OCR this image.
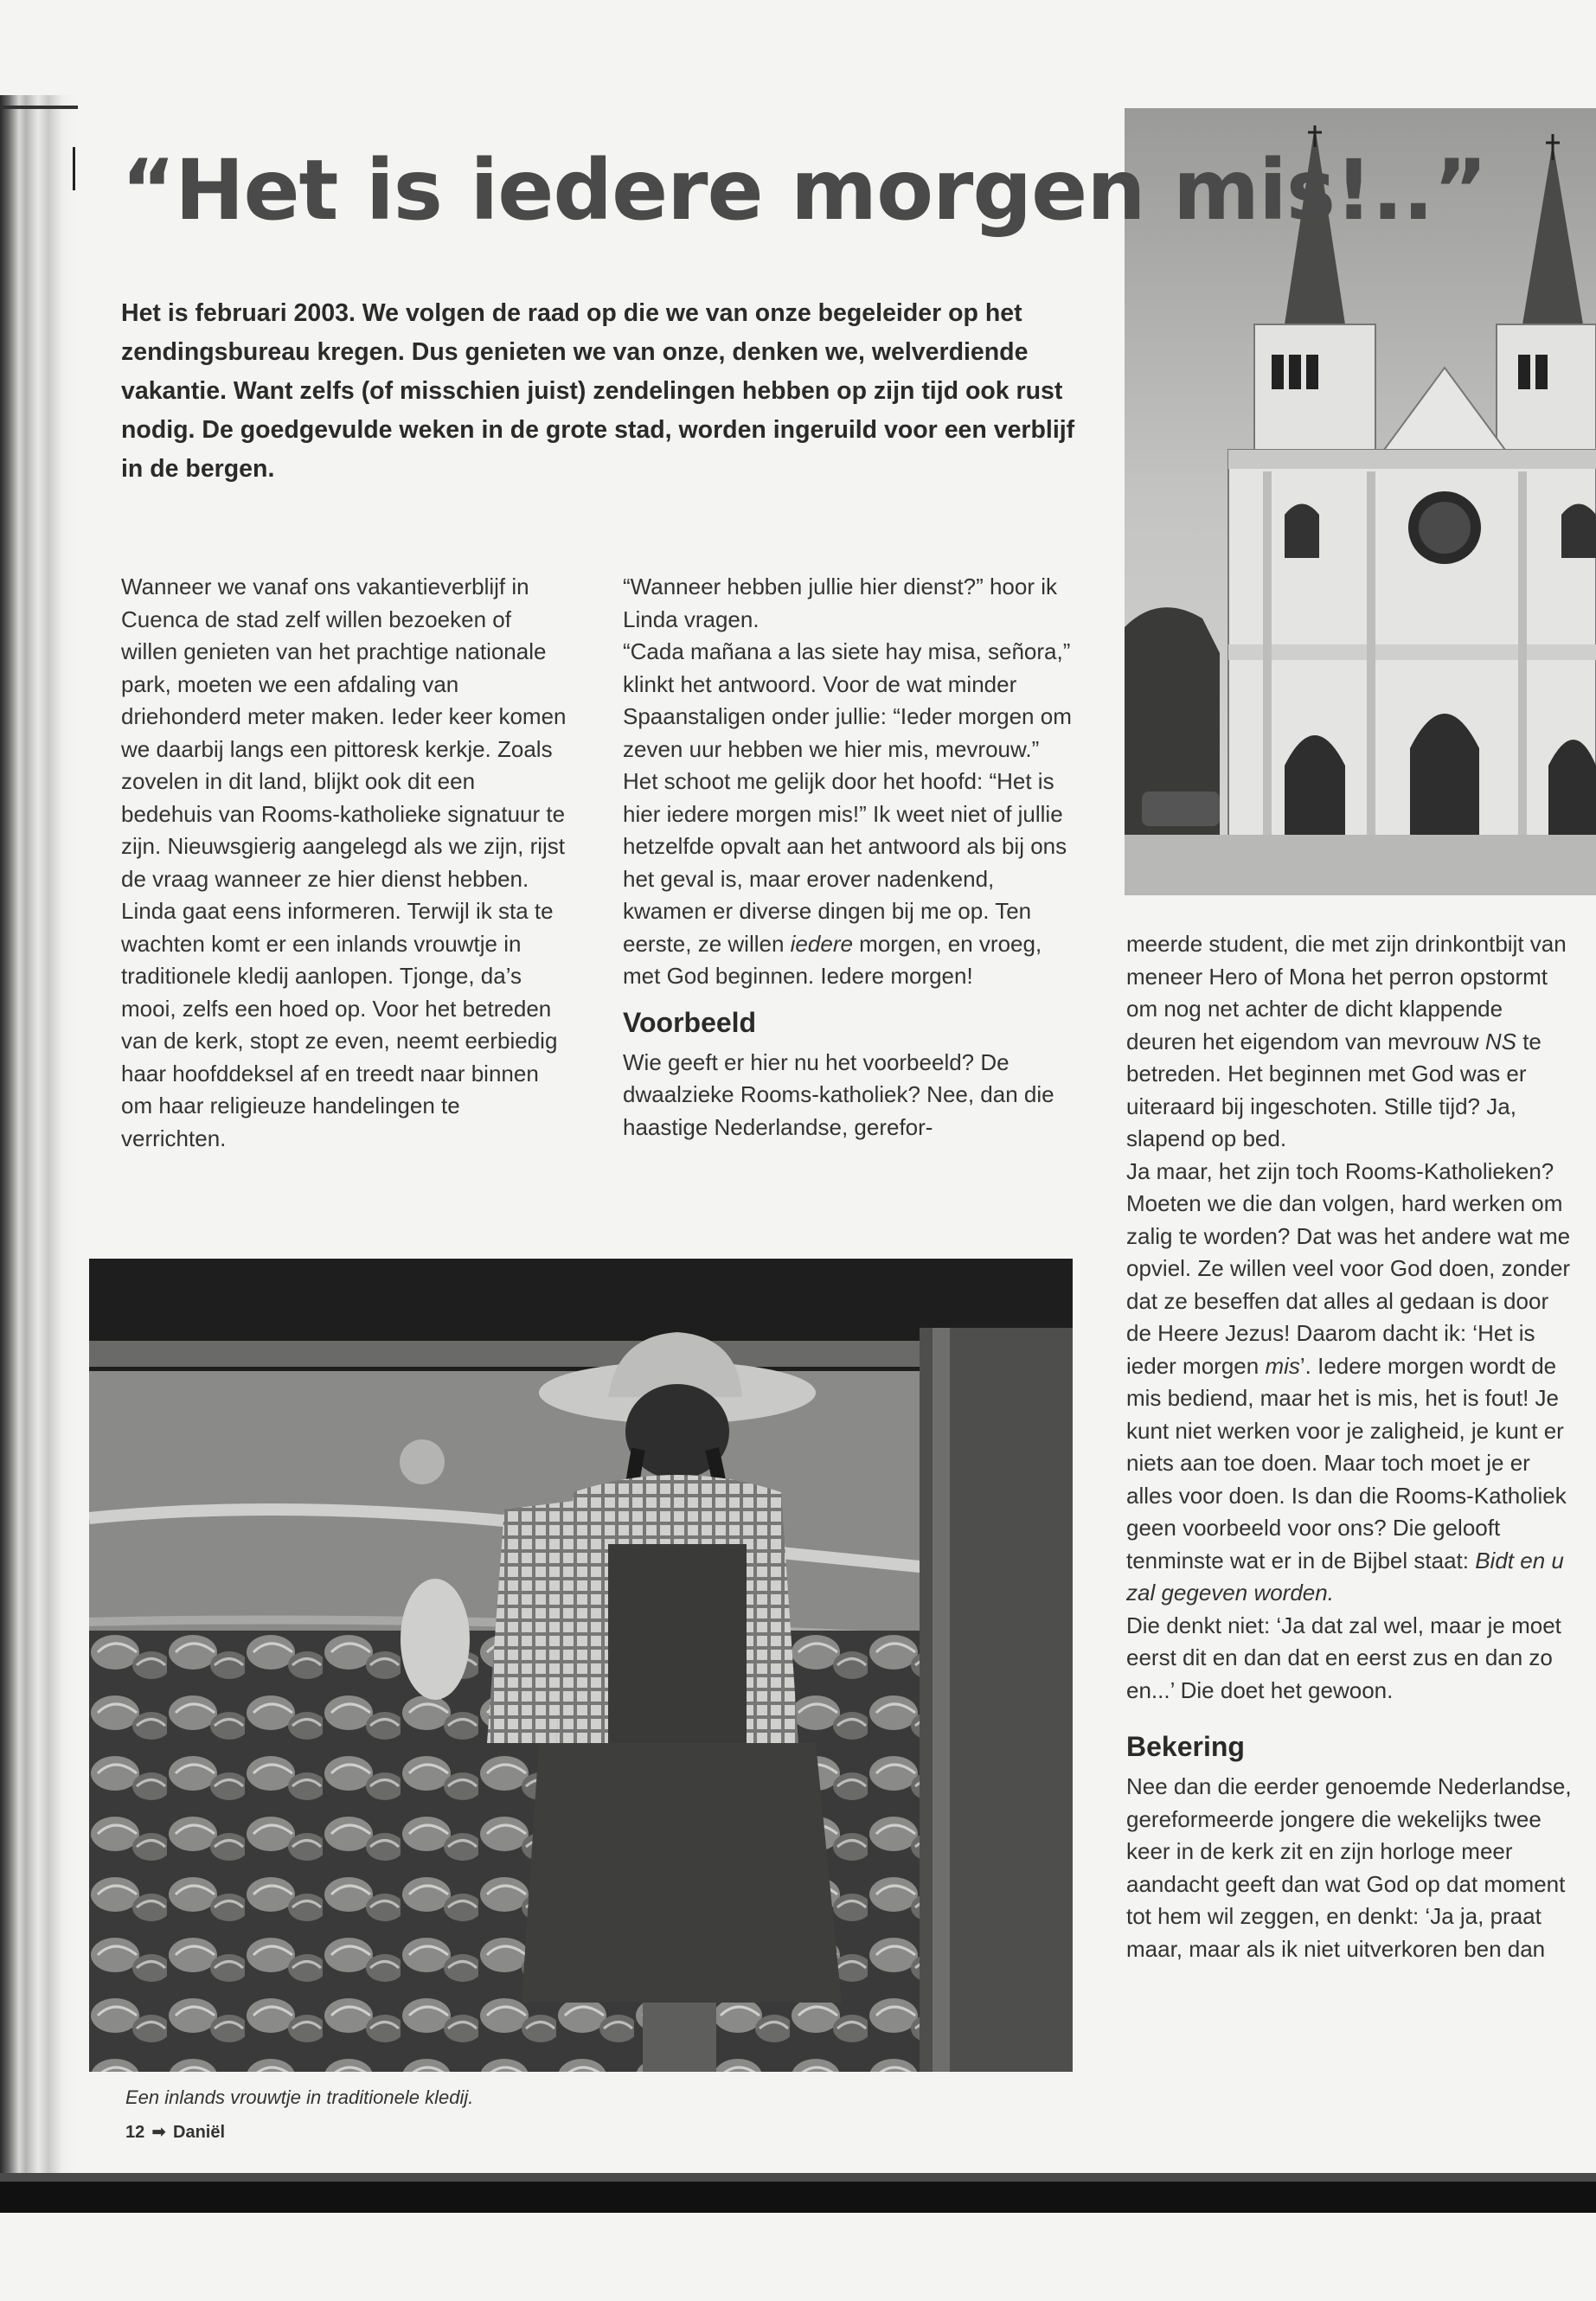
“Het is iedere morgen mis!..”

Het is februari 2003. We volgen de raad op die we van onze begeleider op het zendingsbureau kregen. Dus genieten we van onze, denken we, welverdiende vakantie. Want zelfs (of misschien juist) zendelingen hebben op zijn tijd ook rust nodig. De goedgevulde weken in de grote stad, worden ingeruild voor een verblijf in de bergen.

Wanneer we vanaf ons vakantieverblijf in Cuenca de stad zelf willen bezoeken of willen genieten van het prachtige nationale park, moeten we een afdaling van driehonderd meter maken. Ieder keer komen we daarbij langs een pittoresk kerkje. Zoals zovelen in dit land, blijkt ook dit een bedehuis van Rooms-katholieke signatuur te zijn. Nieuwsgierig aangelegd als we zijn, rijst de vraag wanneer ze hier dienst hebben. Linda gaat eens informeren. Terwijl ik sta te wachten komt er een inlands vrouwtje in traditionele kledij aanlopen. Tjonge, da’s mooi, zelfs een hoed op. Voor het betreden van de kerk, stopt ze even, neemt eerbiedig haar hoofddeksel af en treedt naar binnen om haar religieuze handelingen te verrichten.

“Wanneer hebben jullie hier dienst?” hoor ik Linda vragen.

“Cada mañana a las siete hay misa, señora,” klinkt het antwoord. Voor de wat minder Spaanstaligen onder jullie: “Ieder morgen om zeven uur hebben we hier mis, mevrouw.” Het schoot me gelijk door het hoofd: “Het is hier iedere morgen mis!” Ik weet niet of jullie hetzelfde opvalt aan het antwoord als bij ons het geval is, maar erover nadenkend, kwamen er diverse dingen bij me op. Ten eerste, ze willen iedere morgen, en vroeg, met God beginnen. Iedere morgen!

Voorbeeld

Wie geeft er hier nu het voorbeeld? De dwaalzieke Rooms-katholiek? Nee, dan die haastige Nederlandse, gerefor-

meerde student, die met zijn drinkontbijt van meneer Hero of Mona het perron opstormt om nog net achter de dicht klappende deuren het eigendom van mevrouw NS te betreden. Het beginnen met God was er uiteraard bij ingeschoten. Stille tijd? Ja, slapend op bed.

Ja maar, het zijn toch Rooms-Katholieken? Moeten we die dan volgen, hard werken om zalig te worden? Dat was het andere wat me opviel. Ze willen veel voor God doen, zonder dat ze beseffen dat alles al gedaan is door de Heere Jezus! Daarom dacht ik: ‘Het is ieder morgen mis’. Iedere morgen wordt de mis bediend, maar het is mis, het is fout! Je kunt niet werken voor je zaligheid, je kunt er niets aan toe doen. Maar toch moet je er alles voor doen. Is dan die Rooms-Katholiek geen voorbeeld voor ons? Die gelooft tenminste wat er in de Bijbel staat: Bidt en u zal gegeven worden.

Die denkt niet: ‘Ja dat zal wel, maar je moet eerst dit en dan dat en eerst zus en dan zo en...’ Die doet het gewoon.

Bekering

Nee dan die eerder genoemde Nederlandse, gereformeerde jongere die wekelijks twee keer in de kerk zit en zijn horloge meer aandacht geeft dan wat God op dat moment tot hem wil zeggen, en denkt: ‘Ja ja, praat maar, maar als ik niet uitverkoren ben dan

Een inlands vrouwtje in traditionele kledij.

12 ➡ Daniël
